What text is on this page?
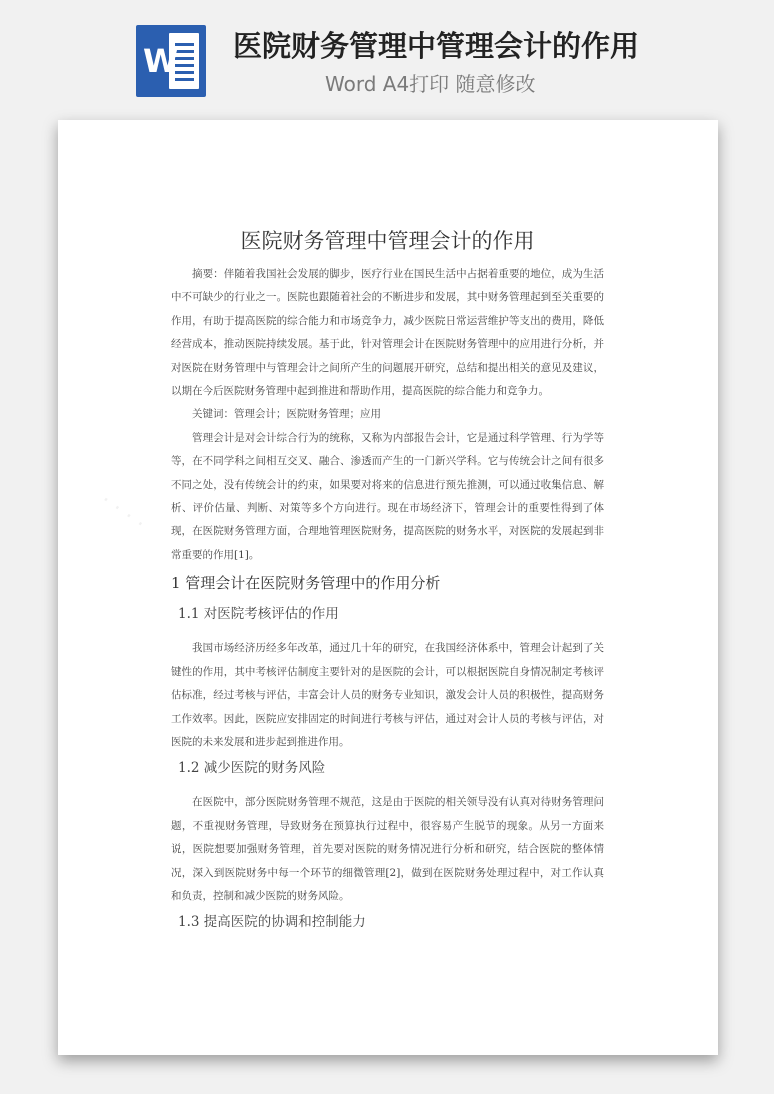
W 医院财务管理中管理会计的作用
Word A4打印 随意修改
· · · ·
医院财务管理中管理会计的作用

摘要：伴随着我国社会发展的脚步，医疗行业在国民生活中占据着重要的地位，成为生活中不可缺少的行业之一。医院也跟随着社会的不断进步和发展，其中财务管理起到至关重要的作用，有助于提高医院的综合能力和市场竞争力，减少医院日常运营维护等支出的费用，降低经营成本，推动医院持续发展。基于此，针对管理会计在医院财务管理中的应用进行分析，并对医院在财务管理中与管理会计之间所产生的问题展开研究，总结和提出相关的意见及建议，以期在今后医院财务管理中起到推进和帮助作用，提高医院的综合能力和竞争力。

关键词：管理会计；医院财务管理；应用

管理会计是对会计综合行为的统称，又称为内部报告会计，它是通过科学管理、行为学等等，在不同学科之间相互交叉、融合、渗透而产生的一门新兴学科。它与传统会计之间有很多不同之处，没有传统会计的约束，如果要对将来的信息进行预先推测，可以通过收集信息、解析、评价估量、判断、对策等多个方向进行。现在市场经济下，管理会计的重要性得到了体现，在医院财务管理方面，合理地管理医院财务，提高医院的财务水平，对医院的发展起到非常重要的作用[1]。

1 管理会计在医院财务管理中的作用分析
1.1 对医院考核评估的作用

我国市场经济历经多年改革，通过几十年的研究，在我国经济体系中，管理会计起到了关键性的作用，其中考核评估制度主要针对的是医院的会计，可以根据医院自身情况制定考核评估标准，经过考核与评估，丰富会计人员的财务专业知识，激发会计人员的积极性，提高财务工作效率。因此，医院应安排固定的时间进行考核与评估，通过对会计人员的考核与评估，对医院的未来发展和进步起到推进作用。

1.2 减少医院的财务风险

在医院中，部分医院财务管理不规范，这是由于医院的相关领导没有认真对待财务管理问题，不重视财务管理，导致财务在预算执行过程中，很容易产生脱节的现象。从另一方面来说，医院想要加强财务管理，首先要对医院的财务情况进行分析和研究，结合医院的整体情况，深入到医院财务中每一个环节的细微管理[2]，做到在医院财务处理过程中，对工作认真和负责，控制和减少医院的财务风险。

1.3 提高医院的协调和控制能力
